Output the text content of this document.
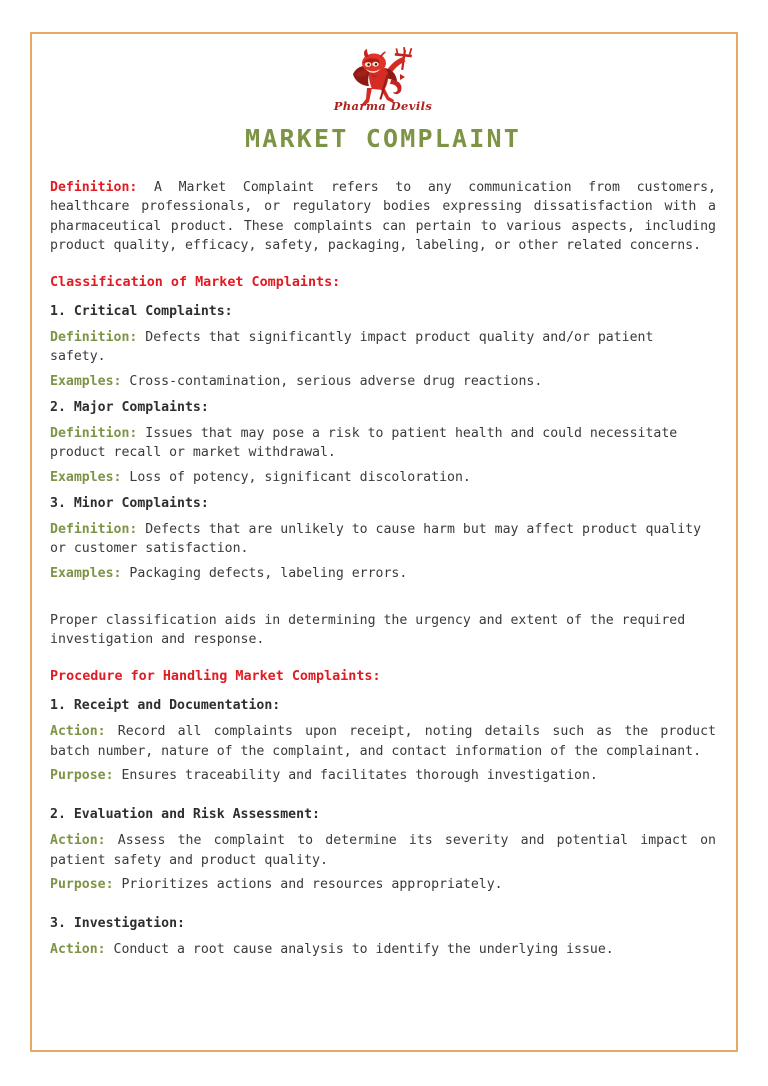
Pharma Devils
MARKET COMPLAINT

Definition: A Market Complaint refers to any communication from customers, healthcare professionals, or regulatory bodies expressing dissatisfaction with a pharmaceutical product. These complaints can pertain to various aspects, including product quality, efficacy, safety, packaging, labeling, or other related concerns.

Classification of Market Complaints:
1. Critical Complaints:

Definition: Defects that significantly impact product quality and/or patient safety.

Examples: Cross-contamination, serious adverse drug reactions.

2. Major Complaints:

Definition: Issues that may pose a risk to patient health and could necessitate product recall or market withdrawal.

Examples: Loss of potency, significant discoloration.

3. Minor Complaints:

Definition: Defects that are unlikely to cause harm but may affect product quality or customer satisfaction.

Examples: Packaging defects, labeling errors.

Proper classification aids in determining the urgency and extent of the required investigation and response.

Procedure for Handling Market Complaints:
1. Receipt and Documentation:

Action: Record all complaints upon receipt, noting details such as the product batch number, nature of the complaint, and contact information of the complainant.

Purpose: Ensures traceability and facilitates thorough investigation.

2. Evaluation and Risk Assessment:

Action: Assess the complaint to determine its severity and potential impact on patient safety and product quality.

Purpose: Prioritizes actions and resources appropriately.

3. Investigation:

Action: Conduct a root cause analysis to identify the underlying issue.
